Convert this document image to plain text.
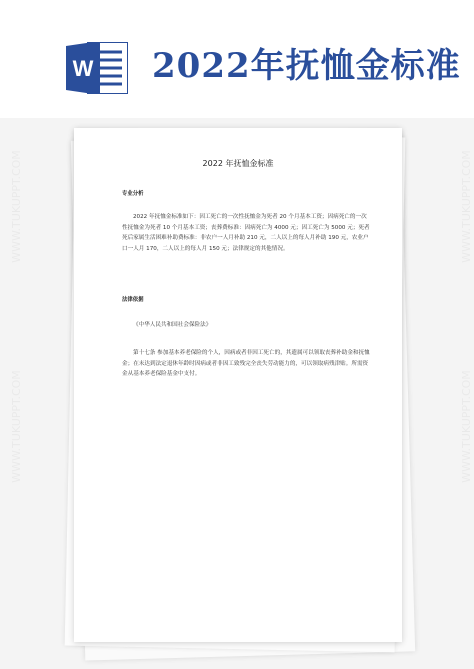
W 2022年抚恤金标准
2022 年抚恤金标准
专业分析
2022 年抚恤金标准如下：因工死亡的一次性抚恤金为死者 20 个月基本工资；因病死亡的一次性抚恤金为死者 10 个月基本工资；丧葬费标准：因病死亡为 4000 元；因工死亡为 5000 元；死者死后家属生活困难补助费标准：非农户一人月补助 210 元，二人以上的每人月补助 190 元，农业户口一人月 170，二人以上的每人月 150 元；法律规定的其他情况。
法律依据
《中华人民共和国社会保险法》
第十七条 参加基本养老保险的个人，因病或者非因工死亡的，其遗属可以领取丧葬补助金和抚恤金；在未达到法定退休年龄时因病或者非因工致残完全丧失劳动能力的，可以领取病残津贴。所需资金从基本养老保险基金中支付。
